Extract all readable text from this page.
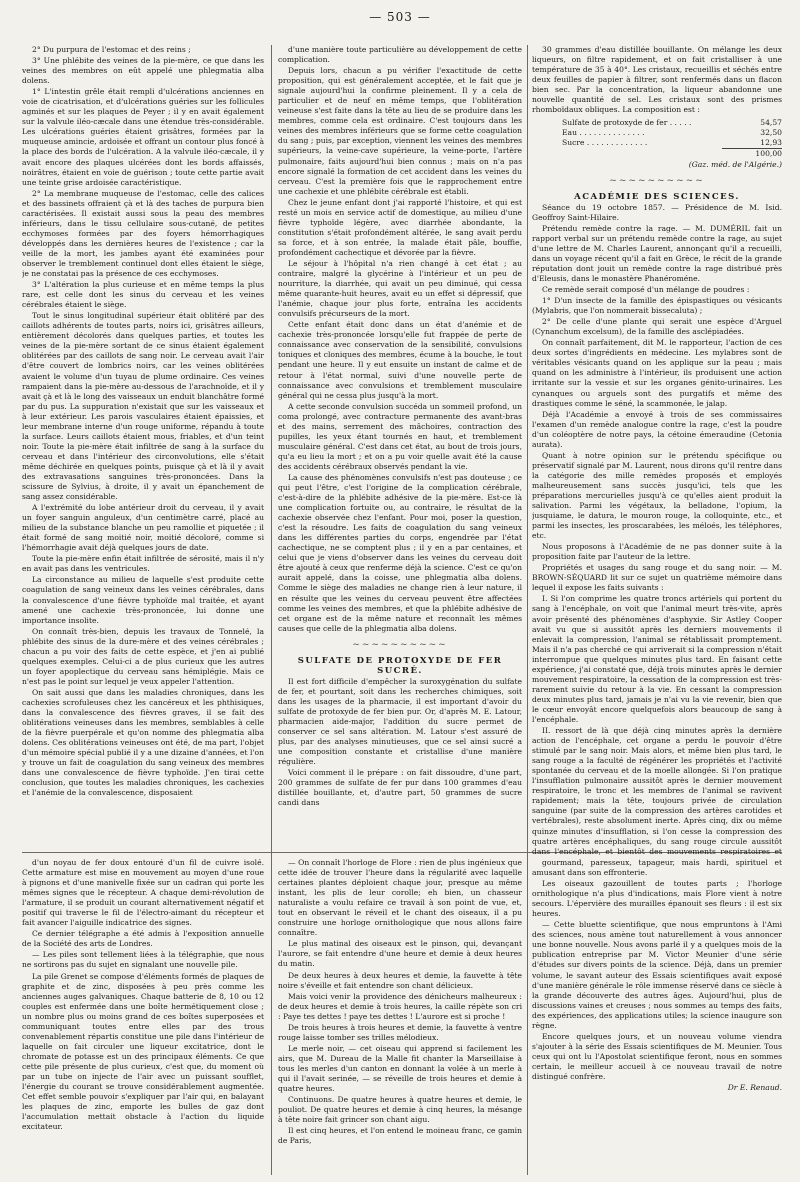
— 503 —

2° Du purpura de l'estomac et des reins ;

3° Une phlébite des veines de la pie-mère, ce que dans les veines des membres on eût appelé une phlegmatia alba dolens.

1° L'intestin grêle était rempli d'ulcérations anciennes en voie de cicatrisation, et d'ulcérations guéries sur les follicules agminés et sur les plaques de Peyer ; il y en avait également sur la valvule iléo-cæcale dans une étendue très-considérable. Les ulcérations guéries étaient grisâtres, formées par la muqueuse amincie, ardoisée et offrant un contour plus foncé à la place des bords de l'ulcération. A la valvule iléo-cæcale, il y avait encore des plaques ulcérées dont les bords affaissés, noirâtres, étaient en voie de guérison ; toute cette partie avait une teinte grise ardoisée caractéristique.

2° La membrane muqueuse de l'estomac, celle des calices et des bassinets offraient çà et là des taches de purpura bien caractérisées. Il existait aussi sous la peau des membres inférieurs, dans le tissu cellulaire sous-cutané, de petites ecchymoses formées par des foyers hémorrhagiques développés dans les dernières heures de l'existence ; car la veille de la mort, les jambes ayant été examinées pour observer le tremblement continuel dont elles étaient le siège, je ne constatai pas la présence de ces ecchymoses.

3° L'altération la plus curieuse et en même temps la plus rare, est celle dont les sinus du cerveau et les veines cérébrales étaient le siège.

Tout le sinus longitudinal supérieur était oblitéré par des caillots adhérents de toutes parts, noirs ici, grisâtres ailleurs, entièrement décolorés dans quelques parties, et toutes les veines de la pie-mère sortant de ce sinus étaient également oblitérées par des caillots de sang noir. Le cerveau avait l'air d'être couvert de lombrics noirs, car les veines oblitérées avaient le volume d'un tuyau de plume ordinaire. Ces veines rampaient dans la pie-mère au-dessous de l'arachnoïde, et il y avait çà et là le long des vaisseaux un enduit blanchâtre formé par du pus. La suppuration n'existait que sur les vaisseaux et à leur extérieur. Les parois vasculaires étaient épaissies, et leur membrane interne d'un rouge uniforme, répandu à toute la surface. Leurs caillots étaient mous, friables, et d'un teint noir. Toute la pie-mère était infiltrée de sang à la surface du cerveau et dans l'intérieur des circonvolutions, elle s'était même déchirée en quelques points, puisque çà et là il y avait des extravasations sanguines très-prononcées. Dans la scissure de Sylvius, à droite, il y avait un épanchement de sang assez considérable.

A l'extrémité du lobe antérieur droit du cerveau, il y avait un foyer sanguin anguleux, d'un centimètre carré, placé au milieu de la substance blanche un peu ramollie et piquetée ; il était formé de sang moitié noir, moitié décoloré, comme si l'hémorrhagie avait déjà quelques jours de date.

Toute la pie-mère enfin était infiltrée de sérosité, mais il n'y en avait pas dans les ventricules.

La circonstance au milieu de laquelle s'est produite cette coagulation de sang veineux dans les veines cérébrales, dans la convalescence d'une fièvre typhoïde mal traitée, et ayant amené une cachexie très-prononcée, lui donne une importance insolite.

On connaît très-bien, depuis les travaux de Tonnelé, la phlébite des sinus de la dure-mère et des veines cérébrales ; chacun a pu voir des faits de cette espèce, et j'en ai publié quelques exemples. Celui-ci a de plus curieux que les autres un foyer apoplectique du cerveau sans hémiplégie. Mais ce n'est pas le point sur lequel je veux appeler l'attention.

On sait aussi que dans les maladies chroniques, dans les cachexies scrofuleuses chez les cancéreux et les phthisiques, dans la convalescence des fièvres graves, il se fait des oblitérations veineuses dans les membres, semblables à celle de la fièvre puerpérale et qu'on nomme des phlegmatia alba dolens. Ces oblitérations veineuses ont été, de ma part, l'objet d'un mémoire spécial publié il y a une dizaine d'années, et l'on y trouve un fait de coagulation du sang veineux des membres dans une convalescence de fièvre typhoïde. J'en tirai cette conclusion, que toutes les maladies chroniques, les cachexies et l'anémie de la convalescence, disposaient

d'une manière toute particulière au développement de cette complication.

Depuis lors, chacun a pu vérifier l'exactitude de cette proposition, qui est généralement acceptée, et le fait que je signale aujourd'hui la confirme pleinement. Il y a cela de particulier et de neuf en même temps, que l'oblitération veineuse s'est faite dans la tête au lieu de se produire dans les membres, comme cela est ordinaire. C'est toujours dans les veines des membres inférieurs que se forme cette coagulation du sang ; puis, par exception, viennent les veines des membres supérieurs, la veine-cave supérieure, la veine-porte, l'artère pulmonaire, faits aujourd'hui bien connus ; mais on n'a pas encore signalé la formation de cet accident dans les veines du cerveau. C'est la première fois que le rapprochement entre une cachexie et une phlébite cérébrale est établi.

Chez le jeune enfant dont j'ai rapporté l'histoire, et qui est resté un mois en service actif de domestique, au milieu d'une fièvre typhoïde légère, avec diarrhée abondante, la constitution s'était profondément altérée, le sang avait perdu sa force, et à son entrée, la malade était pâle, bouffie, profondément cachectique et dévorée par la fièvre.

Le séjour à l'hôpital n'a rien changé à cet état ; au contraire, malgré la glycérine à l'intérieur et un peu de nourriture, la diarrhée, qui avait un peu diminué, qui cessa même quarante-huit heures, avait eu un effet si dépressif, que l'anémie, chaque jour plus forte, entraîna les accidents convulsifs précurseurs de la mort.

Cette enfant était donc dans un état d'anémie et de cachexie très-prononcée lorsqu'elle fut frappée de perte de connaissance avec conservation de la sensibilité, convulsions toniques et cloniques des membres, écume à la bouche, le tout pendant une heure. Il y eut ensuite un instant de calme et de retour à l'état normal, suivi d'une nouvelle perte de connaissance avec convulsions et tremblement musculaire général qui ne cessa plus jusqu'à la mort.

A cette seconde convulsion succéda un sommeil profond, un coma prolongé, avec contracture permanente des avant-bras et des mains, serrement des mâchoires, contraction des pupilles, les yeux étant tournés en haut, et tremblement musculaire général. C'est dans cet état, au bout de trois jours, qu'a eu lieu la mort ; et on a pu voir quelle avait été la cause des accidents cérébraux observés pendant la vie.

La cause des phénomènes convulsifs n'est pas douteuse ; ce qui peut l'être, c'est l'origine de la complication cérébrale, c'est-à-dire de la phlébite adhésive de la pie-mère. Est-ce là une complication fortuite ou, au contraire, le résultat de la cachexie observée chez l'enfant. Pour moi, poser la question, c'est la résoudre. Les faits de coagulation du sang veineux dans les différentes parties du corps, engendrée par l'état cachectique, ne se comptent plus ; il y en a par centaines, et celui que je viens d'observer dans les veines du cerveau doit être ajouté à ceux que renferme déjà la science. C'est ce qu'on aurait appelé, dans la coisse, une phlegmatia alba dolens. Comme le siège des maladies ne change rien à leur nature, il en résulte que les veines du cerveau peuvent être affectées comme les veines des membres, et que la phlébite adhésive de cet organe est de la même nature et reconnaît les mêmes causes que celle de la phlegmatia alba dolens.

~~~~~~~~~~

SULFATE DE PROTOXYDE DE FER SUCRÉ.

Il est fort difficile d'empêcher la suroxygénation du sulfate de fer, et pourtant, soit dans les recherches chimiques, soit dans les usages de la pharmacie, il est important d'avoir du sulfate de protoxyde de fer bien pur. Or, d'après M. E. Latour, pharmacien aide-major, l'addition du sucre permet de conserver ce sel sans altération. M. Latour s'est assuré de plus, par des analyses minutieuses, que ce sel ainsi sucré a une composition constante et cristallise d'une manière régulière.

Voici comment il le prépare : on fait dissoudre, d'une part, 200 grammes de sulfate de fer pur dans 100 grammes d'eau distillée bouillante, et, d'autre part, 50 grammes de sucre candi dans

30 grammes d'eau distillée bouillante. On mélange les deux liqueurs, on filtre rapidement, et on fait cristalliser à une température de 35 à 40°. Les cristaux, recueillis et séchés entre deux feuilles de papier à filtrer, sont renfermés dans un flacon bien sec. Par la concentration, la liqueur abandonne une nouvelle quantité de sel. Les cristaux sont des prismes rhomboïdaux obliques. La composition est :

Sulfate de protoxyde de fer . . . . .	54,57
Eau . . . . . . . . . . . . . .	32,50
Sucre . . . . . . . . . . . . .	12,93
100,00
(Gaz. méd. de l'Algérie.)
~~~~~~~~~~

ACADÉMIE DES SCIENCES.

Séance du 19 octobre 1857. — Présidence de M. Isid. Geoffroy Saint-Hilaire.

Prétendu remède contre la rage. — M. DUMÉRIL fait un rapport verbal sur un prétendu remède contre la rage, au sujet d'une lettre de M. Charles Laurent, annonçant qu'il a recueilli, dans un voyage récent qu'il a fait en Grèce, le récit de la grande réputation dont jouit un remède contre la rage distribué près d'Eleusis, dans le monastère Phanéroméne.

Ce remède serait composé d'un mélange de poudres :

1° D'un insecte de la famille des épispastiques ou vésicants (Mylabris, que l'on nommerait bissecaluta) ;

2° De celle d'une plante qui serait une espèce d'Arguel (Cynanchum excelsum), de la famille des asclépiadées.

On connaît parfaitement, dit M. le rapporteur, l'action de ces deux sortes d'ingrédients en médecine. Les mylabres sont de véritables vésicants quand on les applique sur la peau ; mais quand on les administre à l'intérieur, ils produisent une action irritante sur la vessie et sur les organes génito-urinaires. Les cynanques ou arguels sont des purgatifs et même des drastiques comme le séné, la scammonée, le jalap.

Déjà l'Académie a envoyé à trois de ses commissaires l'examen d'un remède analogue contre la rage, c'est la poudre d'un coléoptère de notre pays, la cétoine émeraudine (Cetonia aurata).

Quant à notre opinion sur le prétendu spécifique ou préservatif signalé par M. Laurent, nous dirons qu'il rentre dans la catégorie des mille remèdes proposés et employés malheureusement sans succès jusqu'ici, tels que les préparations mercurielles jusqu'à ce qu'elles aient produit la salivation. Parmi les végétaux, la belladone, l'opium, la jusquiame, le datura, le mouron rouge, la colloquinte, etc., et parmi les insectes, les proscarabées, les méloés, les téléphores, etc.

Nous proposons à l'Académie de ne pas donner suite à la proposition faite par l'auteur de la lettre.

Propriétés et usages du sang rouge et du sang noir. — M. BROWN-SÉQUARD lit sur ce sujet un quatrième mémoire dans lequel il expose les faits suivants :

I. Si l'on comprime les quatre troncs artériels qui portent du sang à l'encéphale, on voit que l'animal meurt très-vite, après avoir présenté des phénomènes d'asphyxie. Sir Astley Cooper avait vu que si aussitôt après les derniers mouvements il enlevait la compression, l'animal se rétablissait promptement. Mais il n'a pas cherché ce qui arriverait si la compression n'était interrompue que quelques minutes plus tard. En faisant cette expérience, j'ai constaté que, déjà trois minutes après le dernier mouvement respiratoire, la cessation de la compression est très-rarement suivie du retour à la vie. En cessant la compression deux minutes plus tard, jamais je n'ai vu la vie revenir, bien que le cœur envoyât encore quelquefois alors beaucoup de sang à l'encéphale.

II. ressort de là que déjà cinq minutes après la dernière action de l'encéphale, cet organe a perdu le pouvoir d'être stimulé par le sang noir. Mais alors, et même bien plus tard, le sang rouge a la faculté de régénérer les propriétés et l'activité spontanée du cerveau et de la moelle allongée. Si l'on pratique l'insufflation pulmonaire aussitôt après le dernier mouvement respiratoire, le tronc et les membres de l'animal se ravivent rapidement; mais la tête, toujours privée de circulation sanguine (par suite de la compression des artères carotides et vertébrales), reste absolument inerte. Après cinq, dix ou même quinze minutes d'insufflation, si l'on cesse la compression des quatre artères encéphaliques, du sang rouge circule aussitôt dans l'encéphale, et bientôt des mouvements respiratoires et

d'un noyau de fer doux entouré d'un fil de cuivre isolé. Cette armature est mise en mouvement au moyen d'une roue à pignons et d'une manivelle fixée sur un cadran qui porte les mêmes signes que le récepteur. A chaque demi-révolution de l'armature, il se produit un courant alternativement négatif et positif qui traverse le fil de l'électro-aimant du récepteur et fait avancer l'aiguille indicatrice des signes.

Ce dernier télégraphe a été admis à l'exposition annuelle de la Société des arts de Londres.

— Les piles sont tellement liées à la télégraphie, que nous ne sortirons pas du sujet en signalant une nouvelle pile.

La pile Grenet se compose d'éléments formés de plaques de graphite et de zinc, disposées à peu près comme les anciennes auges galvaniques. Chaque batterie de 8, 10 ou 12 couples est enfermée dans une boîte hermétiquement close ; un nombre plus ou moins grand de ces boîtes superposées et communiquant toutes entre elles par des trous convenablement répartis constitue une pile dans l'intérieur de laquelle on fait circuler une liqueur excitatrice, dont le chromate de potasse est un des principaux éléments. Ce que cette pile présente de plus curieux, c'est que, du moment où par un tube on injecte de l'air avec un puissant soufflet, l'énergie du courant se trouve considérablement augmentée. Cet effet semble pouvoir s'expliquer par l'air qui, en balayant les plaques de zinc, emporte les bulles de gaz dont l'accumulation mettait obstacle à l'action du liquide excitateur.

— On connaît l'horloge de Flore : rien de plus ingénieux que cette idée de trouver l'heure dans la régularité avec laquelle certaines plantes déploient chaque jour, presque au même instant, les plis de leur corolle; eh bien, un chasseur naturaliste a voulu refaire ce travail à son point de vue, et, tout en observant le réveil et le chant des oiseaux, il a pu construire une horloge ornithologique que nous allons faire connaître.

Le plus matinal des oiseaux est le pinson, qui, devançant l'aurore, se fait entendre d'une heure et demie à deux heures du matin.

De deux heures à deux heures et demie, la fauvette à tête noire s'éveille et fait entendre son chant délicieux.

Mais voici venir la providence des dénicheurs malheureux : de deux heures et demie à trois heures, la caille répète son cri : Paye tes dettes ! paye tes dettes ! L'aurore est si proche !

De trois heures à trois heures et demie, la fauvette à ventre rouge laisse tomber ses trilles mélodieux.

Le merle noir, — cet oiseau qui apprend si facilement les airs, que M. Dureau de la Malle fit chanter la Marseillaise à tous les merles d'un canton en donnant la volée à un merle à qui il l'avait serinée, — se réveille de trois heures et demie à quatre heures.

Continuons. De quatre heures à quatre heures et demie, le pouliot. De quatre heures et demie à cinq heures, la mésange à tête noire fait grincer son chant aigu.

Il est cinq heures, et l'on entend le moineau franc, ce gamin de Paris,

gourmand, paresseux, tapageur, mais hardi, spirituel et amusant dans son effronterie.

Les oiseaux gazouillent de toutes parts ; l'horloge ornithologique n'a plus d'indications, mais Flore vient à notre secours. L'épervière des murailles épanouit ses fleurs : il est six heures.

— Cette bluette scientifique, que nous empruntons à l'Ami des sciences, nous amène tout naturellement à vous annoncer une bonne nouvelle. Nous avons parlé il y a quelques mois de la publication entreprise par M. Victor Meunier d'une série d'études sur divers points de la science. Déjà, dans un premier volume, le savant auteur des Essais scientifiques avait exposé d'une manière générale le rôle immense réservé dans ce siècle à la grande découverte des autres âges. Aujourd'hui, plus de discussions vaines et creuses ; nous sommes au temps des faits, des expériences, des applications utiles; la science inaugure son règne.

Encore quelques jours, et un nouveau volume viendra s'ajouter à la série des Essais scientifiques de M. Meunier. Tous ceux qui ont lu l'Apostolat scientifique feront, nous en sommes certain, le meilleur accueil à ce nouveau travail de notre distingué confrère.

Dr E. Renaud.
